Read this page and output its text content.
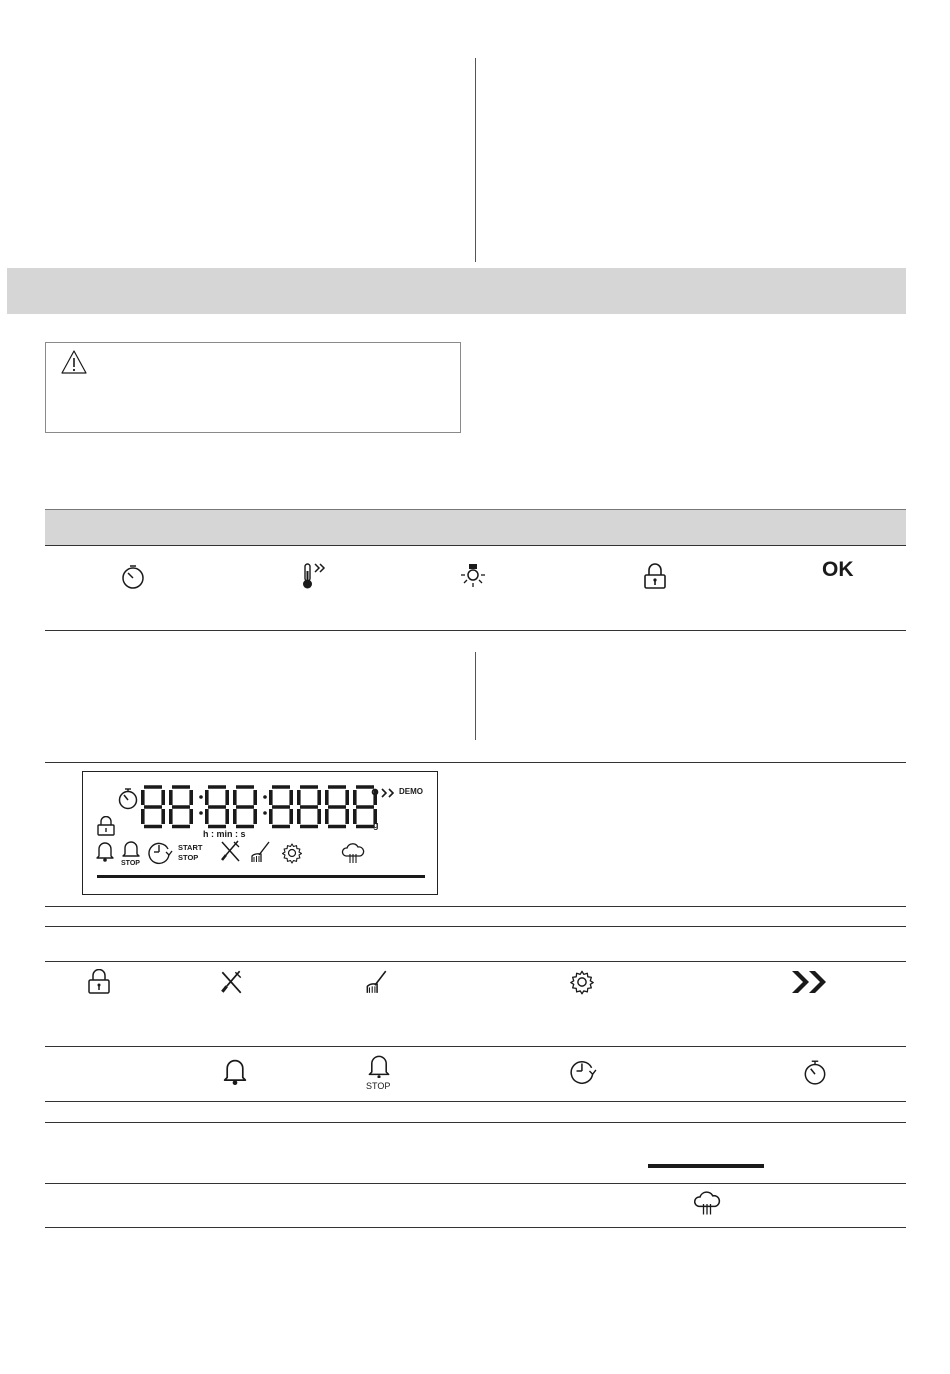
OK
DEMO
g
h : min : s
STOP
START
STOP
STOP
